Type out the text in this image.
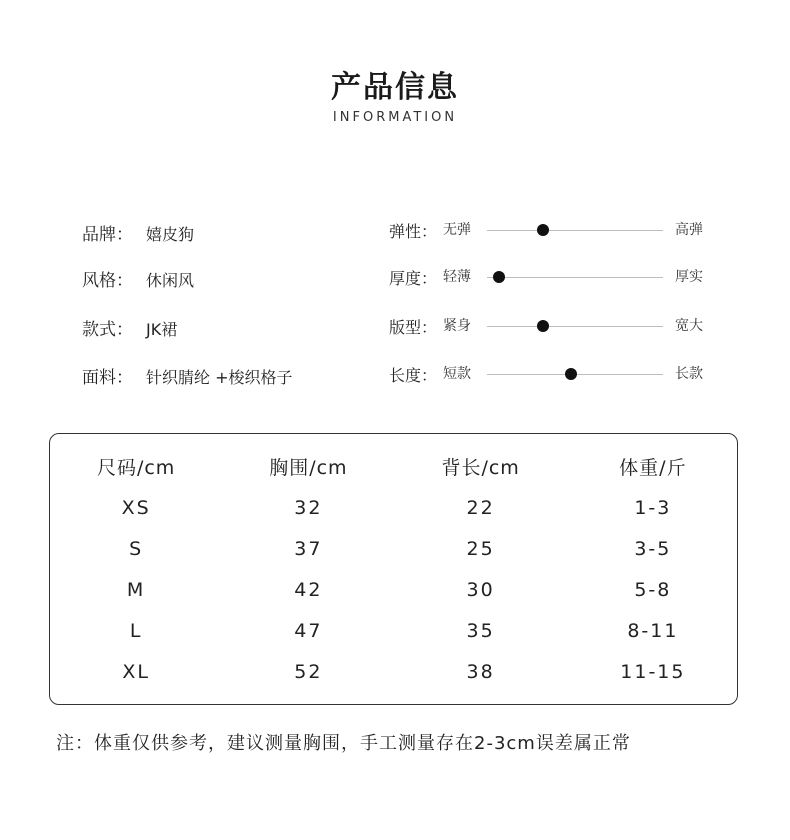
产品信息
INFORMATION
品牌： 嬉皮狗
风格： 休闲风
款式： JK裙
面料： 针织腈纶 +梭织格子
弹性： 无弹	高弹
厚度： 轻薄	厚实
版型： 紧身	宽大
长度： 短款	长款
尺码/cm	胸围/cm	背长/cm	体重/斤
XS	32	22	1-3
S	37	25	3-5
M	42	30	5-8
L	47	35	8-11
XL	52	38	11-15
注：体重仅供参考，建议测量胸围，手工测量存在2-3cm误差属正常
